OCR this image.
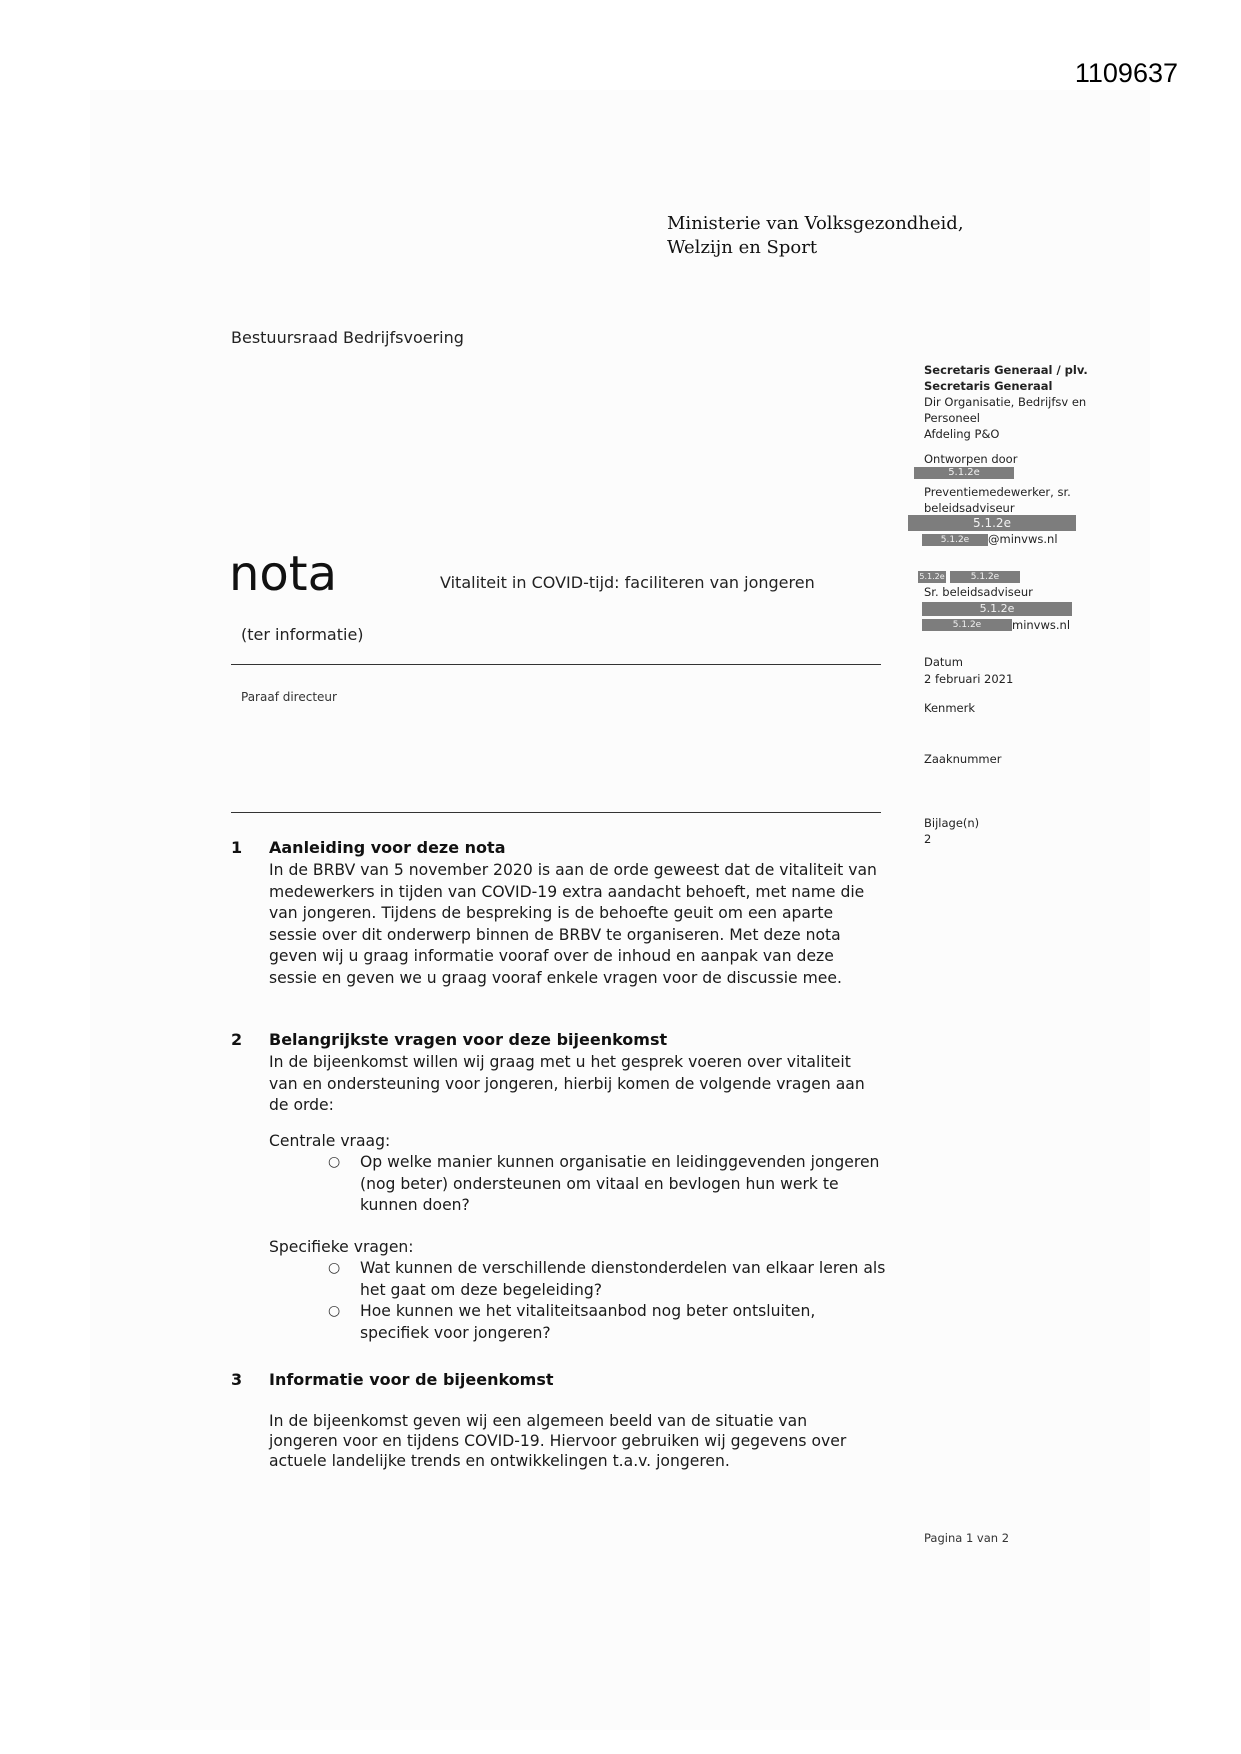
1109637
Ministerie van Volksgezondheid,
Welzijn en Sport
Bestuursraad Bedrijfsvoering
nota	Vitaliteit in COVID-tijd: faciliteren van jongeren
(ter informatie)
Paraaf directeur
Secretaris Generaal / plv.
Secretaris Generaal
Dir Organisatie, Bedrijfsv en
Personeel
Afdeling P&O
Ontworpen door
5.1.2e
Preventiemedewerker, sr.
beleidsadviseur
5.1.2e
5.1.2e	@minvws.nl
5.1.2e	5.1.2e
Sr. beleidsadviseur
5.1.2e
5.1.2e	minvws.nl
Datum
2 februari 2021
Kenmerk
Zaaknummer
Bijlage(n)
2
1 Aanleiding voor deze nota
In de BRBV van 5 november 2020 is aan de orde geweest dat de vitaliteit van
medewerkers in tijden van COVID-19 extra aandacht behoeft, met name die
van jongeren. Tijdens de bespreking is de behoefte geuit om een aparte
sessie over dit onderwerp binnen de BRBV te organiseren. Met deze nota
geven wij u graag informatie vooraf over de inhoud en aanpak van deze
sessie en geven we u graag vooraf enkele vragen voor de discussie mee.
2 Belangrijkste vragen voor deze bijeenkomst
In de bijeenkomst willen wij graag met u het gesprek voeren over vitaliteit
van en ondersteuning voor jongeren, hierbij komen de volgende vragen aan
de orde:
Centrale vraag:
○ Op welke manier kunnen organisatie en leidinggevenden jongeren
(nog beter) ondersteunen om vitaal en bevlogen hun werk te
kunnen doen?
Specifieke vragen:
○ Wat kunnen de verschillende dienstonderdelen van elkaar leren als
het gaat om deze begeleiding?
○ Hoe kunnen we het vitaliteitsaanbod nog beter ontsluiten,
specifiek voor jongeren?
3 Informatie voor de bijeenkomst
In de bijeenkomst geven wij een algemeen beeld van de situatie van
jongeren voor en tijdens COVID-19. Hiervoor gebruiken wij gegevens over
actuele landelijke trends en ontwikkelingen t.a.v. jongeren.
Pagina 1 van 2
